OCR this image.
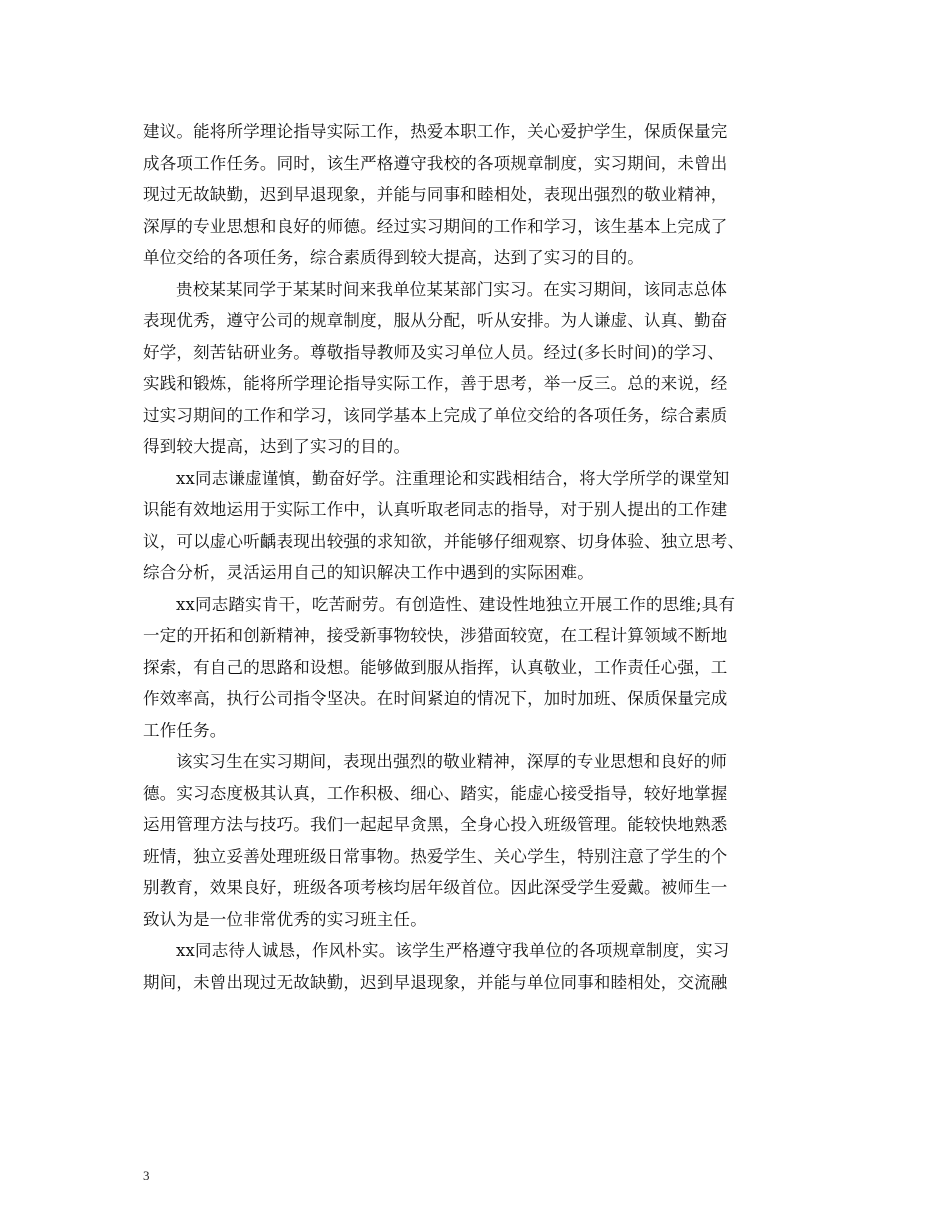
建议。能将所学理论指导实际工作，热爱本职工作，关心爱护学生，保质保量完
成各项工作任务。同时，该生严格遵守我校的各项规章制度，实习期间，未曾出
现过无故缺勤，迟到早退现象，并能与同事和睦相处，表现出强烈的敬业精神，
深厚的专业思想和良好的师德。经过实习期间的工作和学习，该生基本上完成了
单位交给的各项任务，综合素质得到较大提高，达到了实习的目的。

贵校某某同学于某某时间来我单位某某部门实习。在实习期间，该同志总体
表现优秀，遵守公司的规章制度，服从分配，听从安排。为人谦虚、认真、勤奋
好学，刻苦钻研业务。尊敬指导教师及实习单位人员。经过(多长时间)的学习、
实践和锻炼，能将所学理论指导实际工作，善于思考，举一反三。总的来说，经
过实习期间的工作和学习，该同学基本上完成了单位交给的各项任务，综合素质
得到较大提高，达到了实习的目的。

xx同志谦虚谨慎，勤奋好学。注重理论和实践相结合，将大学所学的课堂知
识能有效地运用于实际工作中，认真听取老同志的指导，对于别人提出的工作建
议，可以虚心听齲表现出较强的求知欲，并能够仔细观察、切身体验、独立思考、
综合分析，灵活运用自己的知识解决工作中遇到的实际困难。

xx同志踏实肯干，吃苦耐劳。有创造性、建设性地独立开展工作的思维;具有
一定的开拓和创新精神，接受新事物较快，涉猎面较宽，在工程计算领域不断地
探索，有自己的思路和设想。能够做到服从指挥，认真敬业，工作责任心强，工
作效率高，执行公司指令坚决。在时间紧迫的情况下，加时加班、保质保量完成
工作任务。

该实习生在实习期间，表现出强烈的敬业精神，深厚的专业思想和良好的师
德。实习态度极其认真，工作积极、细心、踏实，能虚心接受指导，较好地掌握
运用管理方法与技巧。我们一起起早贪黑，全身心投入班级管理。能较快地熟悉
班情，独立妥善处理班级日常事物。热爱学生、关心学生，特别注意了学生的个
别教育，效果良好，班级各项考核均居年级首位。因此深受学生爱戴。被师生一
致认为是一位非常优秀的实习班主任。

xx同志待人诚恳，作风朴实。该学生严格遵守我单位的各项规章制度，实习
期间，未曾出现过无故缺勤，迟到早退现象，并能与单位同事和睦相处，交流融

3
